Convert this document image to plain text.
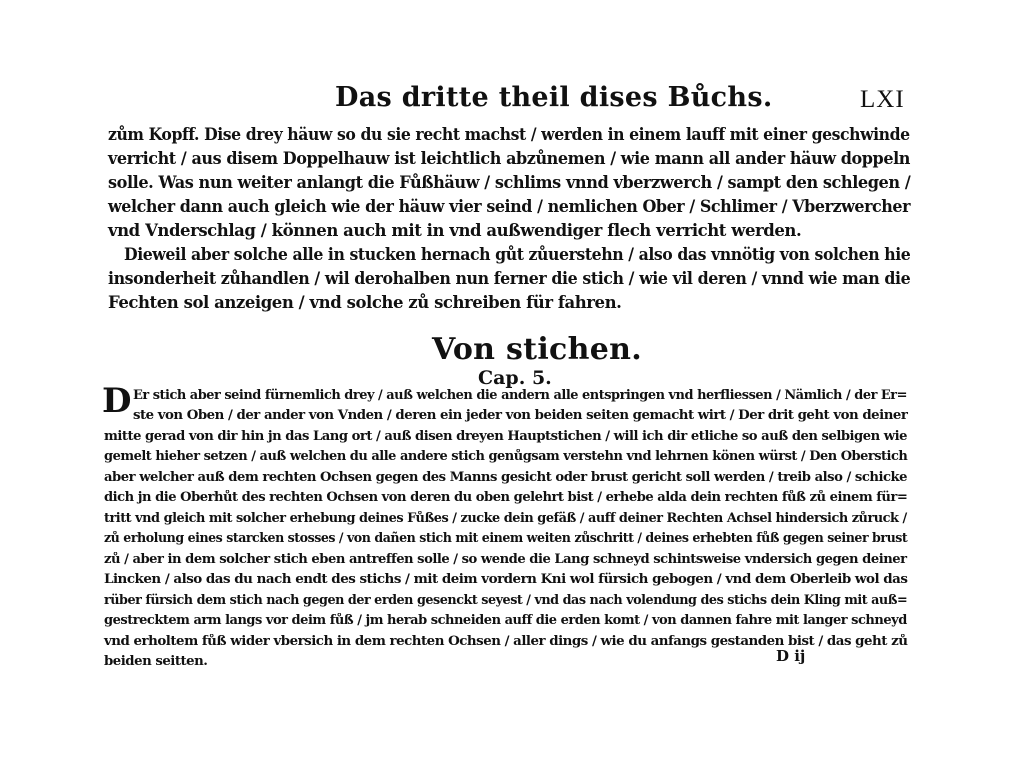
Das dritte theil dises Bůchs.	LXI
zům Kopff. Dise drey häuw so du sie recht machst / werden in einem lauff mit einer geschwinde
verricht / aus disem Doppelhauw ist leichtlich abzůnemen / wie mann all ander häuw doppeln
solle. Was nun weiter anlangt die Fůßhäuw / schlims vnnd vberzwerch / sampt den schlegen /
welcher dann auch gleich wie der häuw vier seind / nemlichen Ober / Schlimer / Vberzwercher
vnd Vnderschlag / können auch mit in vnd außwendiger flech verricht werden.
Dieweil aber solche alle in stucken hernach gůt zůuerstehn / also das vnnötig von solchen hie
insonderheit zůhandlen / wil derohalben nun ferner die stich / wie vil deren / vnnd wie man die
Fechten sol anzeigen / vnd solche zů schreiben für fahren.
Von stichen.
Cap. 5.
D Er stich aber seind fürnemlich drey / auß welchen die andern alle entspringen vnd herfliessen / Nämlich / der Er=
ste von Oben / der ander von Vnden / deren ein jeder von beiden seiten gemacht wirt / Der drit geht von deiner
mitte gerad von dir hin jn das Lang ort / auß disen dreyen Hauptstichen / will ich dir etliche so auß den selbigen wie
gemelt hieher setzen / auß welchen du alle andere stich genůgsam verstehn vnd lehrnen könen würst / Den Oberstich
aber welcher auß dem rechten Ochsen gegen des Manns gesicht oder brust gericht soll werden / treib also / schicke
dich jn die Oberhůt des rechten Ochsen von deren du oben gelehrt bist / erhebe alda dein rechten fůß zů einem für=
tritt vnd gleich mit solcher erhebung deines Fůßes / zucke dein gefäß / auff deiner Rechten Achsel hindersich zůruck /
zů erholung eines starcken stosses / von dañen stich mit einem weiten zůschritt / deines erhebten fůß gegen seiner brust
zů / aber in dem solcher stich eben antreffen solle / so wende die Lang schneyd schintsweise vndersich gegen deiner
Lincken / also das du nach endt des stichs / mit deim vordern Kni wol fürsich gebogen / vnd dem Oberleib wol das
rüber fürsich dem stich nach gegen der erden gesenckt seyest / vnd das nach volendung des stichs dein Kling mit auß=
gestrecktem arm langs vor deim fůß / jm herab schneiden auff die erden komt / von dannen fahre mit langer schneyd
vnd erholtem fůß wider vbersich in dem rechten Ochsen / aller dings / wie du anfangs gestanden bist / das geht zů
beiden seitten.	D ij
